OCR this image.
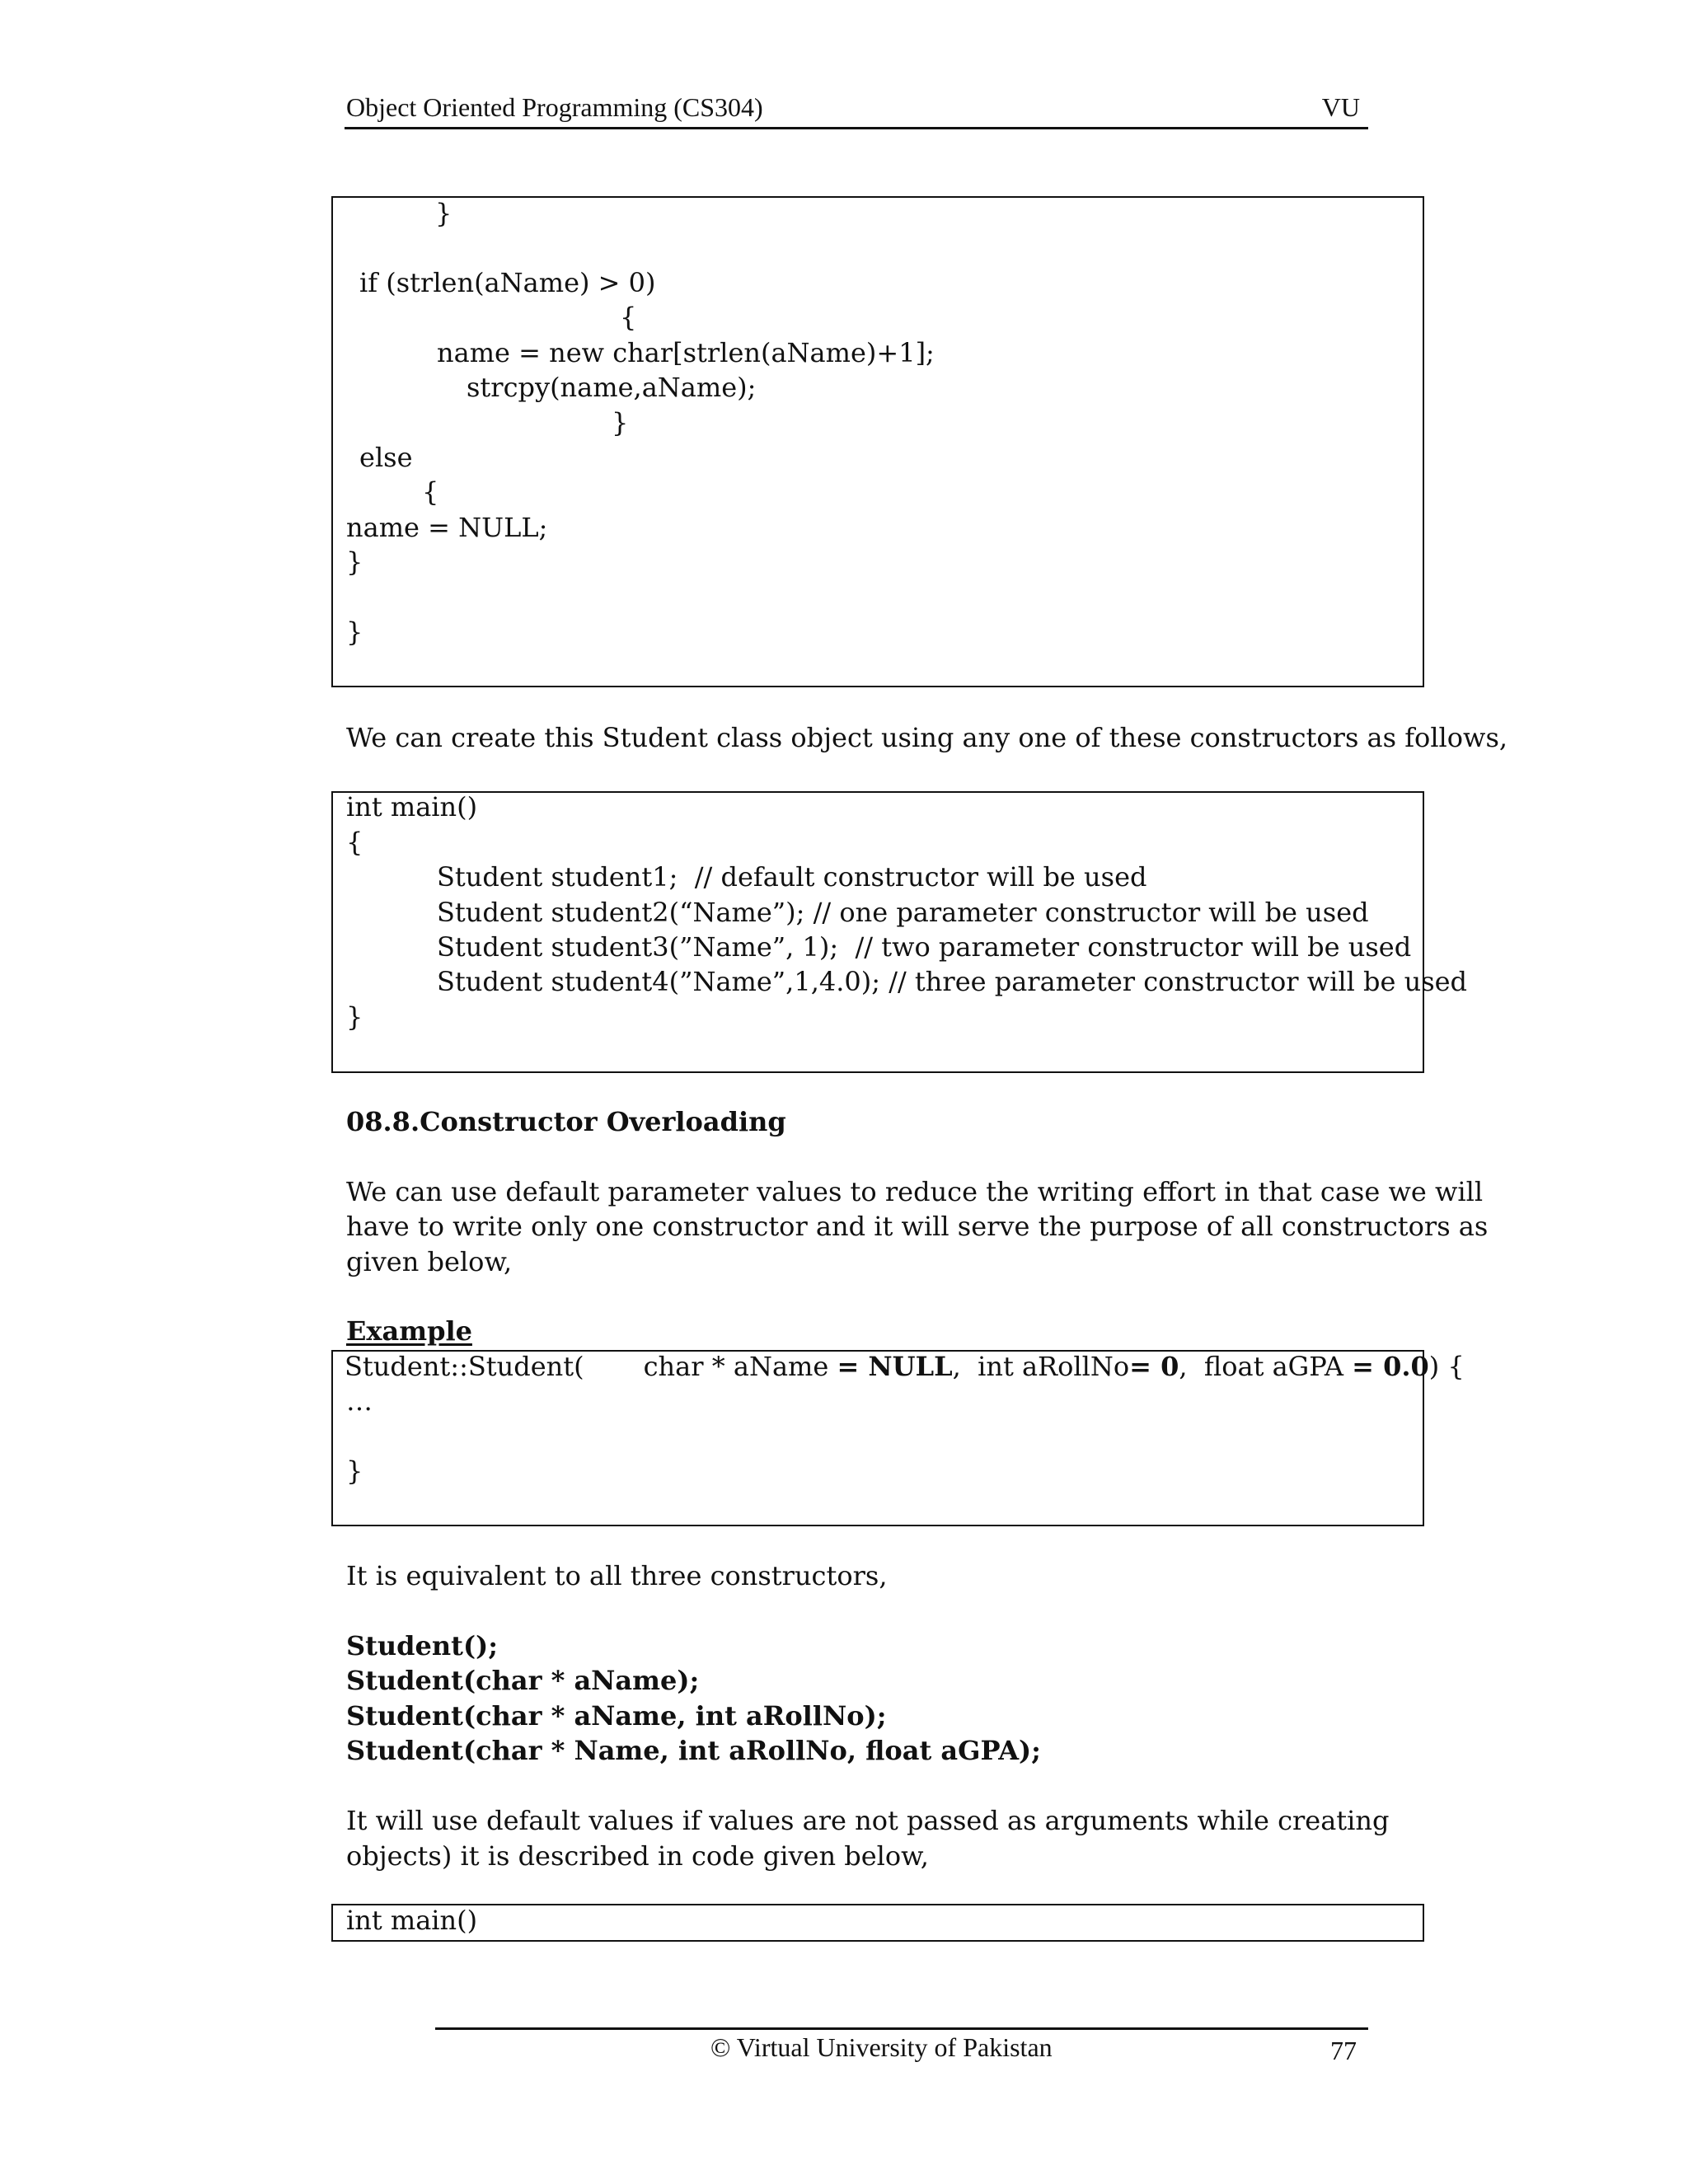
Object Oriented Programming (CS304)	VU
}
if (strlen(aName) > 0)
{
name = new char[strlen(aName)+1];
strcpy(name,aName);
}
else
{
name = NULL;
}
}
We can create this Student class object using any one of these constructors as follows,
int main()
{
Student student1;  // default constructor will be used
Student student2(“Name”); // one parameter constructor will be used
Student student3(”Name”, 1);  // two parameter constructor will be used
Student student4(”Name”,1,4.0); // three parameter constructor will be used
}
08.8.Constructor Overloading
We can use default parameter values to reduce the writing effort in that case we will
have to write only one constructor and it will serve the purpose of all constructors as
given below,
Example
Student::Student( char * aName = NULL,  int aRollNo= 0,  float aGPA = 0.0) {
…
}
It is equivalent to all three constructors,
Student();
Student(char * aName);
Student(char * aName, int aRollNo);
Student(char * Name, int aRollNo, float aGPA);
It will use default values if values are not passed as arguments while creating
objects) it is described in code given below,
int main()
© Virtual University of Pakistan	77
